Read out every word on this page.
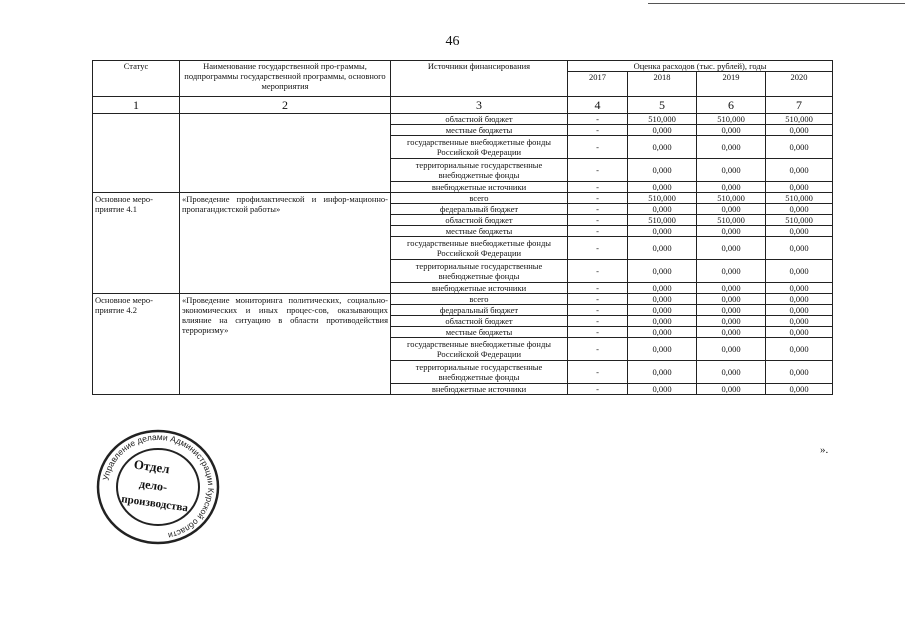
46
Статус	Наименование государственной про-граммы, подпрограммы государственной программы, основного мероприятия	Источники финансирования	Оценка расходов (тыс. рублей), годы			
			2017	2018	2019	2020
1	2	3	4	5	6	7
		областной бюджет	-	510,000	510,000	510,000
		местные бюджеты	-	0,000	0,000	0,000
		государственные внебюджетные фонды Российской Федерации	-	0,000	0,000	0,000
		территориальные государственные внебюджетные фонды	-	0,000	0,000	0,000
		внебюджетные источники	-	0,000	0,000	0,000
Основное меро-приятие 4.1	«Проведение профилактической и инфор-мационно-пропагандистской работы»	всего	-	510,000	510,000	510,000
		федеральный бюджет	-	0,000	0,000	0,000
		областной бюджет	-	510,000	510,000	510,000
		местные бюджеты	-	0,000	0,000	0,000
		государственные внебюджетные фонды Российской Федерации	-	0,000	0,000	0,000
		территориальные государственные внебюджетные фонды	-	0,000	0,000	0,000
		внебюджетные источники	-	0,000	0,000	0,000
Основное меро-приятие 4.2	«Проведение мониторинга политических, социально-экономических и иных процес-сов, оказывающих влияние на ситуацию в области противодействия терроризму»	всего	-	0,000	0,000	0,000
		федеральный бюджет	-	0,000	0,000	0,000
		областной бюджет	-	0,000	0,000	0,000
		местные бюджеты	-	0,000	0,000	0,000
		государственные внебюджетные фонды Российской Федерации	-	0,000	0,000	0,000
		территориальные государственные внебюджетные фонды	-	0,000	0,000	0,000
		внебюджетные источники	-	0,000	0,000	0,000
».
Управление делами Администрации Курской области
Отдел
дело-
производства
